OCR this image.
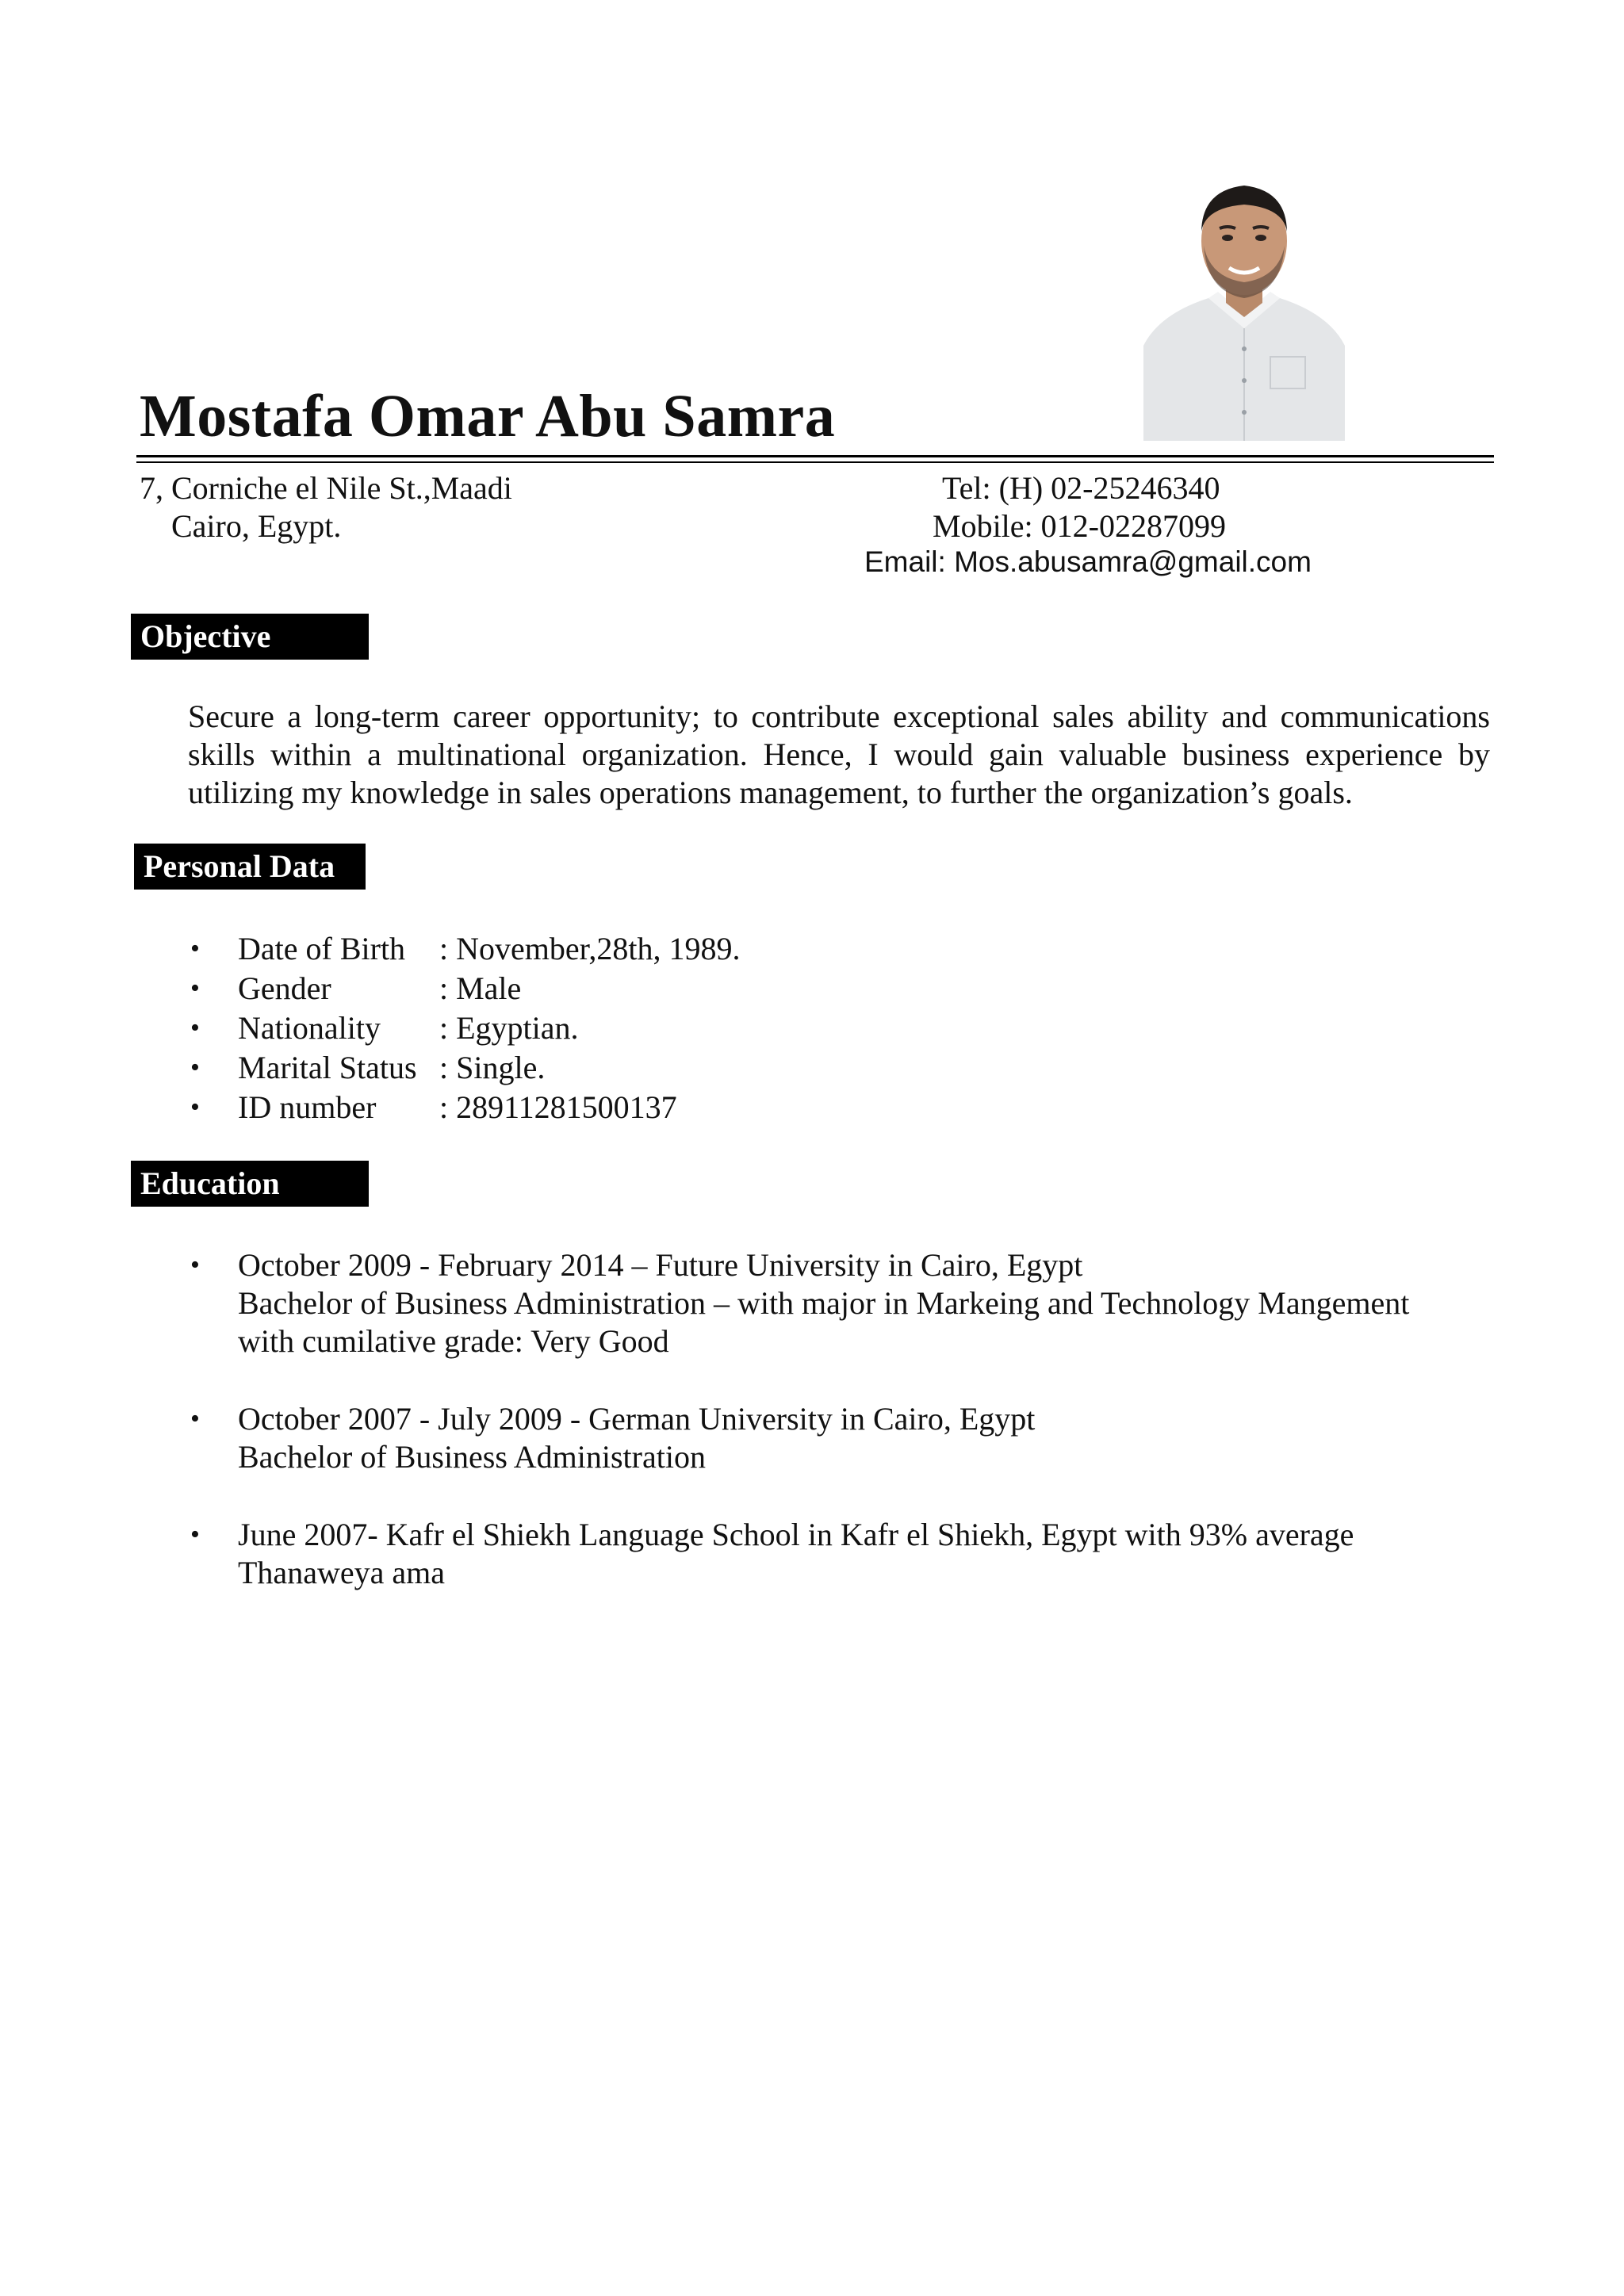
Mostafa Omar Abu Samra
7, Corniche el Nile St.,Maadi
Cairo, Egypt.
Tel: (H) 02-25246340
Mobile: 012-02287099
Email: Mos.abusamra@gmail.com
Objective
Secure a long-term career opportunity; to contribute exceptional sales ability and communications skills within a multinational organization. Hence, I would gain valuable business experience by utilizing my knowledge in sales operations management, to further the organization’s goals.
Personal Data
• Date of Birth : November,28th, 1989.
• Gender	: Male
• Nationality : Egyptian.
• Marital Status : Single.
• ID number : 28911281500137
Education
• October 2009 - February 2014 – Future University in Cairo, Egypt
Bachelor of Business Administration – with major in Markeing and Technology Mangement
with cumilative grade: Very Good
• October 2007 - July 2009 - German University in Cairo, Egypt
Bachelor of Business Administration
• June 2007- Kafr el Shiekh Language School in Kafr el Shiekh, Egypt with 93% average
Thanaweya ama
